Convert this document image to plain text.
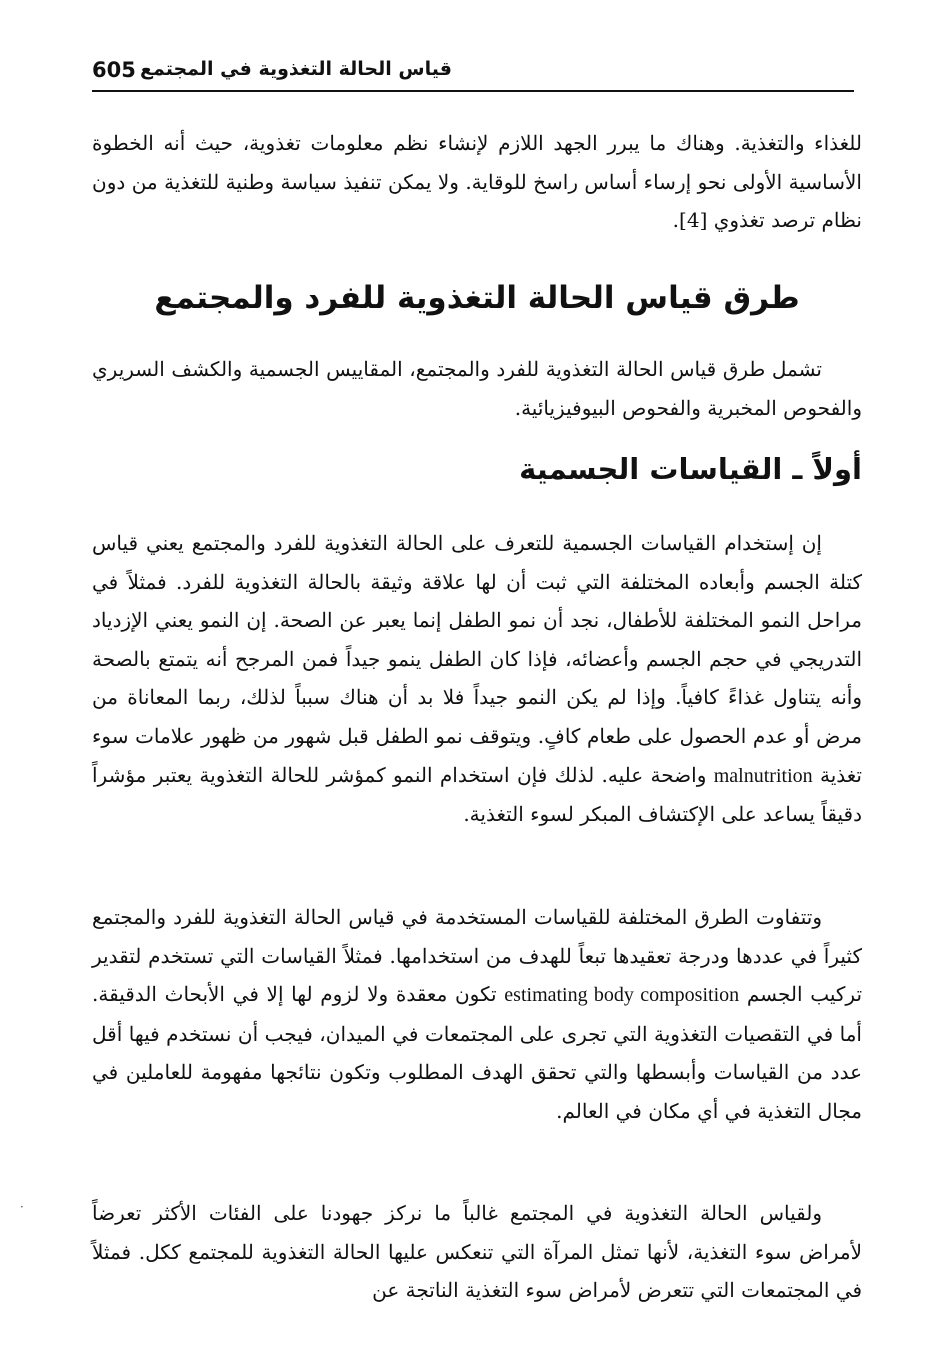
605 قياس الحالة التغذوية في المجتمع

للغذاء والتغذية. وهناك ما يبرر الجهد اللازم لإنشاء نظم معلومات تغذوية، حيث أنه الخطوة الأساسية الأولى نحو إرساء أساس راسخ للوقاية. ولا يمكن تنفيذ سياسة وطنية للتغذية من دون نظام ترصد تغذوي [4].

طرق قياس الحالة التغذوية للفرد والمجتمع

تشمل طرق قياس الحالة التغذوية للفرد والمجتمع، المقاييس الجسمية والكشف السريري والفحوص المخبرية والفحوص البيوفيزيائية.

أولاً ـ القياسات الجسمية

إن إستخدام القياسات الجسمية للتعرف على الحالة التغذوية للفرد والمجتمع يعني قياس كتلة الجسم وأبعاده المختلفة التي ثبت أن لها علاقة وثيقة بالحالة التغذوية للفرد. فمثلاً في مراحل النمو المختلفة للأطفال، نجد أن نمو الطفل إنما يعبر عن الصحة. إن النمو يعني الإزدياد التدريجي في حجم الجسم وأعضائه، فإذا كان الطفل ينمو جيداً فمن المرجح أنه يتمتع بالصحة وأنه يتناول غذاءً كافياً. وإذا لم يكن النمو جيداً فلا بد أن هناك سبباً لذلك، ربما المعاناة من مرض أو عدم الحصول على طعام كافٍ. ويتوقف نمو الطفل قبل شهور من ظهور علامات سوء تغذية malnutrition واضحة عليه. لذلك فإن استخدام النمو كمؤشر للحالة التغذوية يعتبر مؤشراً دقيقاً يساعد على الإكتشاف المبكر لسوء التغذية.

وتتفاوت الطرق المختلفة للقياسات المستخدمة في قياس الحالة التغذوية للفرد والمجتمع كثيراً في عددها ودرجة تعقيدها تبعاً للهدف من استخدامها. فمثلاً القياسات التي تستخدم لتقدير تركيب الجسم estimating body composition تكون معقدة ولا لزوم لها إلا في الأبحاث الدقيقة. أما في التقصيات التغذوية التي تجرى على المجتمعات في الميدان، فيجب أن نستخدم فيها أقل عدد من القياسات وأبسطها والتي تحقق الهدف المطلوب وتكون نتائجها مفهومة للعاملين في مجال التغذية في أي مكان في العالم.

ولقياس الحالة التغذوية في المجتمع غالباً ما نركز جهودنا على الفئات الأكثر تعرضاً لأمراض سوء التغذية، لأنها تمثل المرآة التي تنعكس عليها الحالة التغذوية للمجتمع ككل. فمثلاً في المجتمعات التي تتعرض لأمراض سوء التغذية الناتجة عن

·
